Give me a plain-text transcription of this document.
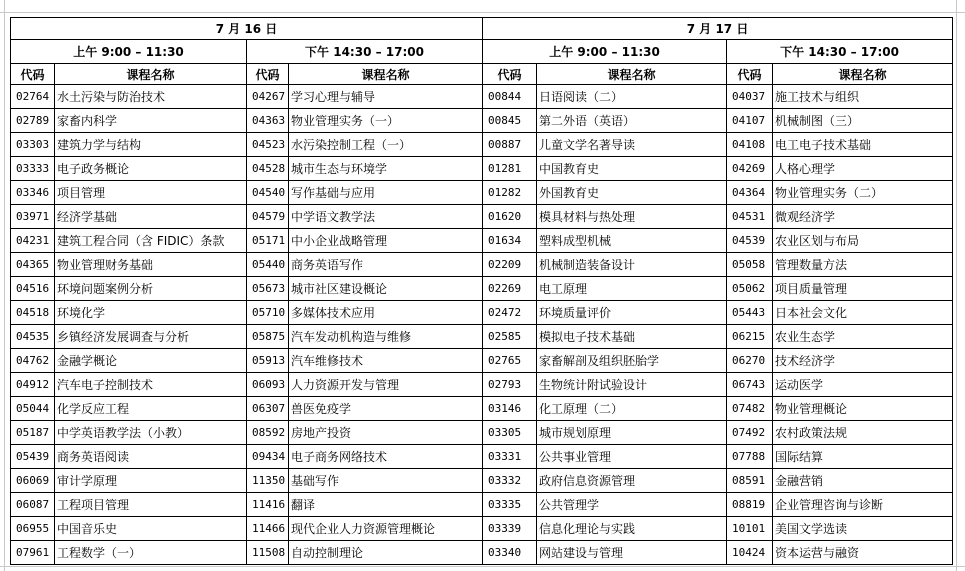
7 月 16 日				7 月 17 日			
上午 9:00 – 11:30		下午 14:30 – 17:00		上午 9:00 – 11:30		下午 14:30 – 17:00	
代码	课程名称	代码	课程名称	代码	课程名称	代码	课程名称
02764	水土污染与防治技术	04267	学习心理与辅导	00844	日语阅读（二）	04037	施工技术与组织
02789	家畜内科学	04363	物业管理实务（一）	00845	第二外语（英语）	04107	机械制图（三）
03303	建筑力学与结构	04523	水污染控制工程（一）	00887	儿童文学名著导读	04108	电工电子技术基础
03333	电子政务概论	04528	城市生态与环境学	01281	中国教育史	04269	人格心理学
03346	项目管理	04540	写作基础与应用	01282	外国教育史	04364	物业管理实务（二）
03971	经济学基础	04579	中学语文教学法	01620	模具材料与热处理	04531	微观经济学
04231	建筑工程合同（含 FIDIC）条款	05171	中小企业战略管理	01634	塑料成型机械	04539	农业区划与布局
04365	物业管理财务基础	05440	商务英语写作	02209	机械制造装备设计	05058	管理数量方法
04516	环境问题案例分析	05673	城市社区建设概论	02269	电工原理	05062	项目质量管理
04518	环境化学	05710	多媒体技术应用	02472	环境质量评价	05443	日本社会文化
04535	乡镇经济发展调查与分析	05875	汽车发动机构造与维修	02585	模拟电子技术基础	06215	农业生态学
04762	金融学概论	05913	汽车维修技术	02765	家畜解剖及组织胚胎学	06270	技术经济学
04912	汽车电子控制技术	06093	人力资源开发与管理	02793	生物统计附试验设计	06743	运动医学
05044	化学反应工程	06307	兽医免疫学	03146	化工原理（二）	07482	物业管理概论
05187	中学英语教学法（小教）	08592	房地产投资	03305	城市规划原理	07492	农村政策法规
05439	商务英语阅读	09434	电子商务网络技术	03331	公共事业管理	07788	国际结算
06069	审计学原理	11350	基础写作	03332	政府信息资源管理	08591	金融营销
06087	工程项目管理	11416	翻译	03335	公共管理学	08819	企业管理咨询与诊断
06955	中国音乐史	11466	现代企业人力资源管理概论	03339	信息化理论与实践	10101	美国文学选读
07961	工程数学（一）	11508	自动控制理论	03340	网站建设与管理	10424	资本运营与融资
